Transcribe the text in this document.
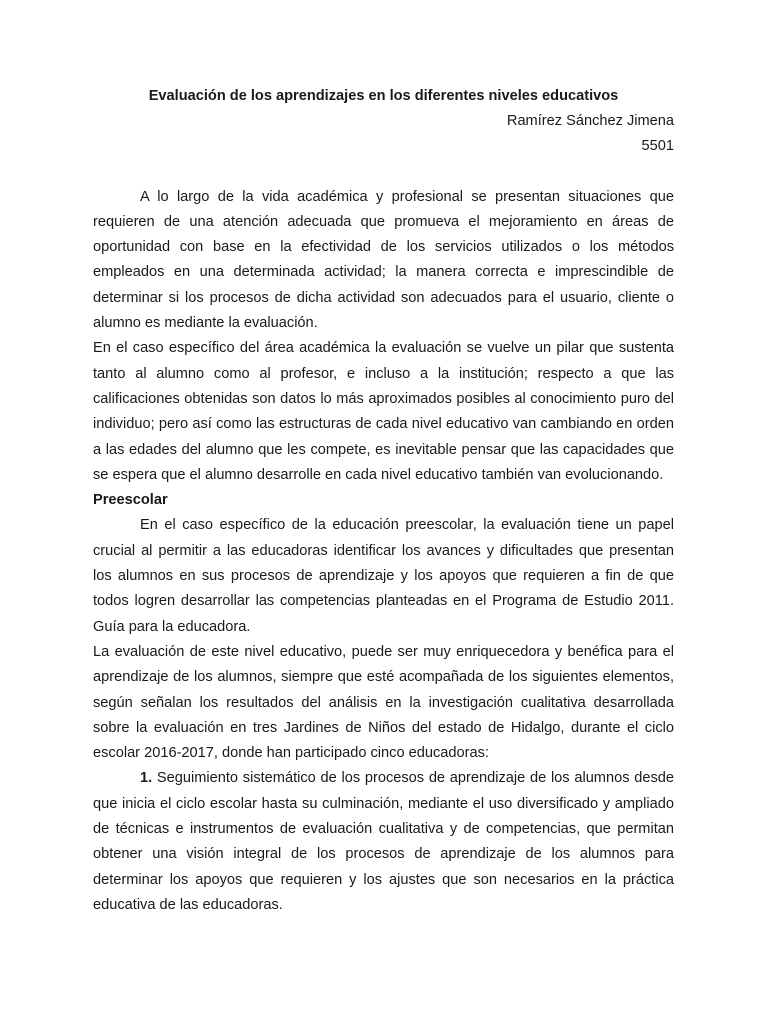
Evaluación de los aprendizajes en los diferentes niveles educativos
Ramírez Sánchez Jimena
5501

A lo largo de la vida académica y profesional se presentan situaciones que requieren de una atención adecuada que promueva el mejoramiento en áreas de oportunidad con base en la efectividad de los servicios utilizados o los métodos empleados en una determinada actividad; la manera correcta e imprescindible de determinar si los procesos de dicha actividad son adecuados para el usuario, cliente o alumno es mediante la evaluación.

En el caso específico del área académica la evaluación se vuelve un pilar que sustenta tanto al alumno como al profesor, e incluso a la institución; respecto a que las calificaciones obtenidas son datos lo más aproximados posibles al conocimiento puro del individuo; pero así como las estructuras de cada nivel educativo van cambiando en orden a las edades del alumno que les compete, es inevitable pensar que las capacidades que se espera que el alumno desarrolle en cada nivel educativo también van evolucionando.

Preescolar

En el caso específico de la educación preescolar, la evaluación tiene un papel crucial al permitir a las educadoras identificar los avances y dificultades que presentan los alumnos en sus procesos de aprendizaje y los apoyos que requieren a fin de que todos logren desarrollar las competencias planteadas en el Programa de Estudio 2011. Guía para la educadora.

La evaluación de este nivel educativo, puede ser muy enriquecedora y benéfica para el aprendizaje de los alumnos, siempre que esté acompañada de los siguientes elementos, según señalan los resultados del análisis en la investigación cualitativa desarrollada sobre la evaluación en tres Jardines de Niños del estado de Hidalgo, durante el ciclo escolar 2016-2017, donde han participado cinco educadoras:

1. Seguimiento sistemático de los procesos de aprendizaje de los alumnos desde que inicia el ciclo escolar hasta su culminación, mediante el uso diversificado y ampliado de técnicas e instrumentos de evaluación cualitativa y de competencias, que permitan obtener una visión integral de los procesos de aprendizaje de los alumnos para determinar los apoyos que requieren y los ajustes que son necesarios en la práctica educativa de las educadoras.
